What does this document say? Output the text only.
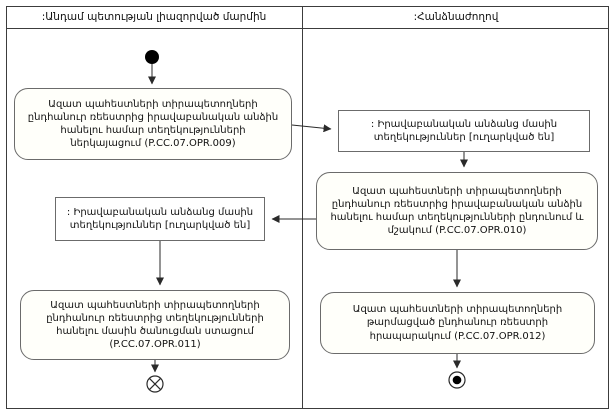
:Անդամ պետության լիազորված մարմին	:Հանձնաժողով
Ազատ պահեստների տիրապետողների ընդհանուր ռեեստրից իրավաբանական անձին հանելու համար տեղեկությունների ներկայացում (P.CC.07.OPR.009)
: Իրավաբանական անձանց մասին տեղեկություններ [ուղարկված են]
Ազատ պահեստների տիրապետողների ընդհանուր ռեեստրից տեղեկությունների հանելու մասին ծանուցման ստացում (P.CC.07.OPR.011)
: Իրավաբանական անձանց մասին տեղեկություններ [ուղարկված են]
Ազատ պահեստների տիրապետողների ընդհանուր ռեեստրից իրավաբանական անձին հանելու համար տեղեկությունների ընդունում և մշակում (P.CC.07.OPR.010)
Ազատ պահեստների տիրապետողների թարմացված ընդհանուր ռեեստրի հրապարակում (P.CC.07.OPR.012)
